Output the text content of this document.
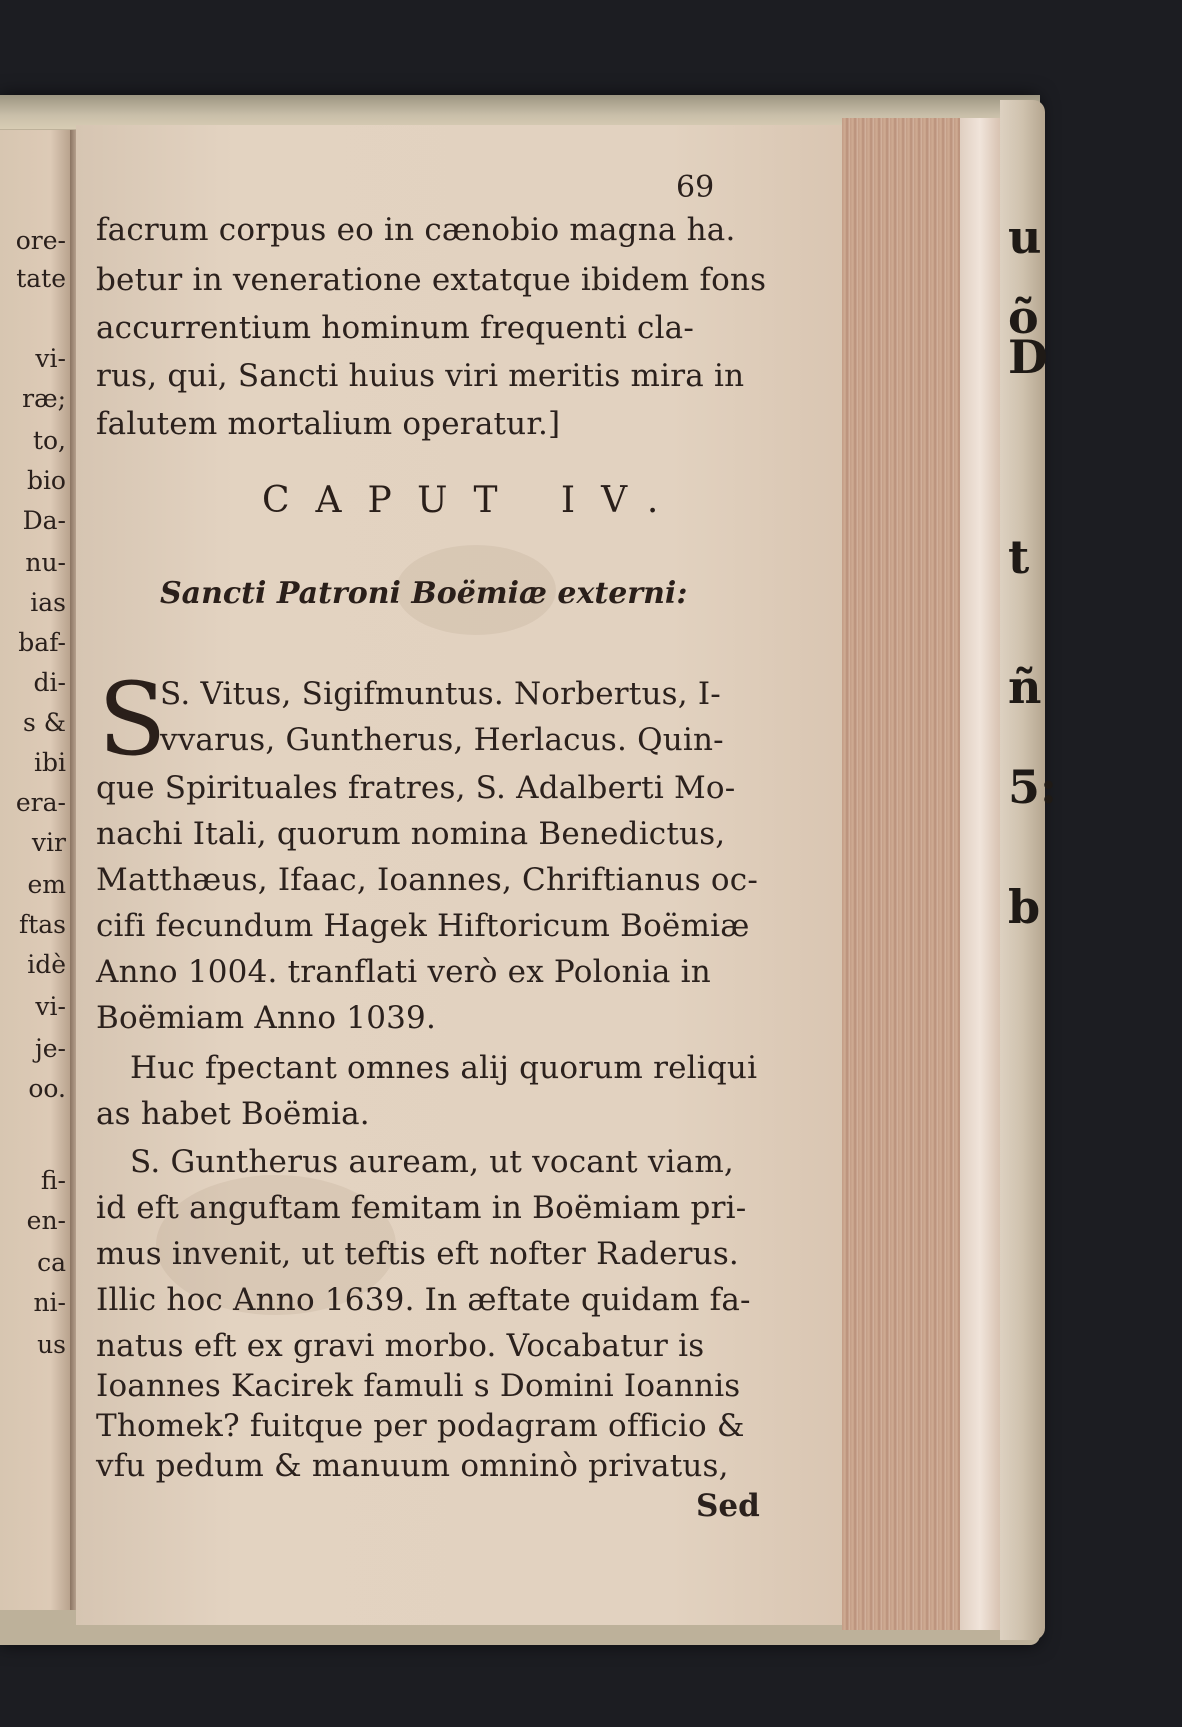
ore-
tate
vi-
ræ;
to,
bio
Da-
nu-
ias
baf-
di-
s &
ibi
era-
vir
em
ftas
idè
vi-
je-
oo.
fi-
en-
ca
ni-
us
u
õ
D
t
ñ
5:
b
69
facrum corpus eo in cænobio magna ha.
betur in veneratione extatque ibidem fons
accurrentium hominum frequenti cla-
rus, qui, Sancti huius viri meritis mira in
falutem mortalium operatur.]
CAPUT IV.
Sancti Patroni Boëmiæ externi:
S
S. Vitus, Sigifmuntus. Norbertus, I-
vvarus, Guntherus, Herlacus. Quin-
que Spirituales fratres, S. Adalberti Mo-
nachi Itali, quorum nomina Benedictus,
Matthæus, Ifaac, Ioannes, Chriftianus oc-
cifi fecundum Hagek Hiftoricum Boëmiæ
Anno 1004. tranflati verò ex Polonia in
Boëmiam Anno 1039.
Huc fpectant omnes alij quorum reliqui
as habet Boëmia.
S. Guntherus auream, ut vocant viam,
id eft anguftam femitam in Boëmiam pri-
mus invenit, ut teftis eft nofter Raderus.
Illic hoc Anno 1639. In æftate quidam fa-
natus eft ex gravi morbo. Vocabatur is
Ioannes Kacirek famuli s Domini Ioannis
Thomek? fuitque per podagram officio &
vfu pedum & manuum omninò privatus,
Sed
